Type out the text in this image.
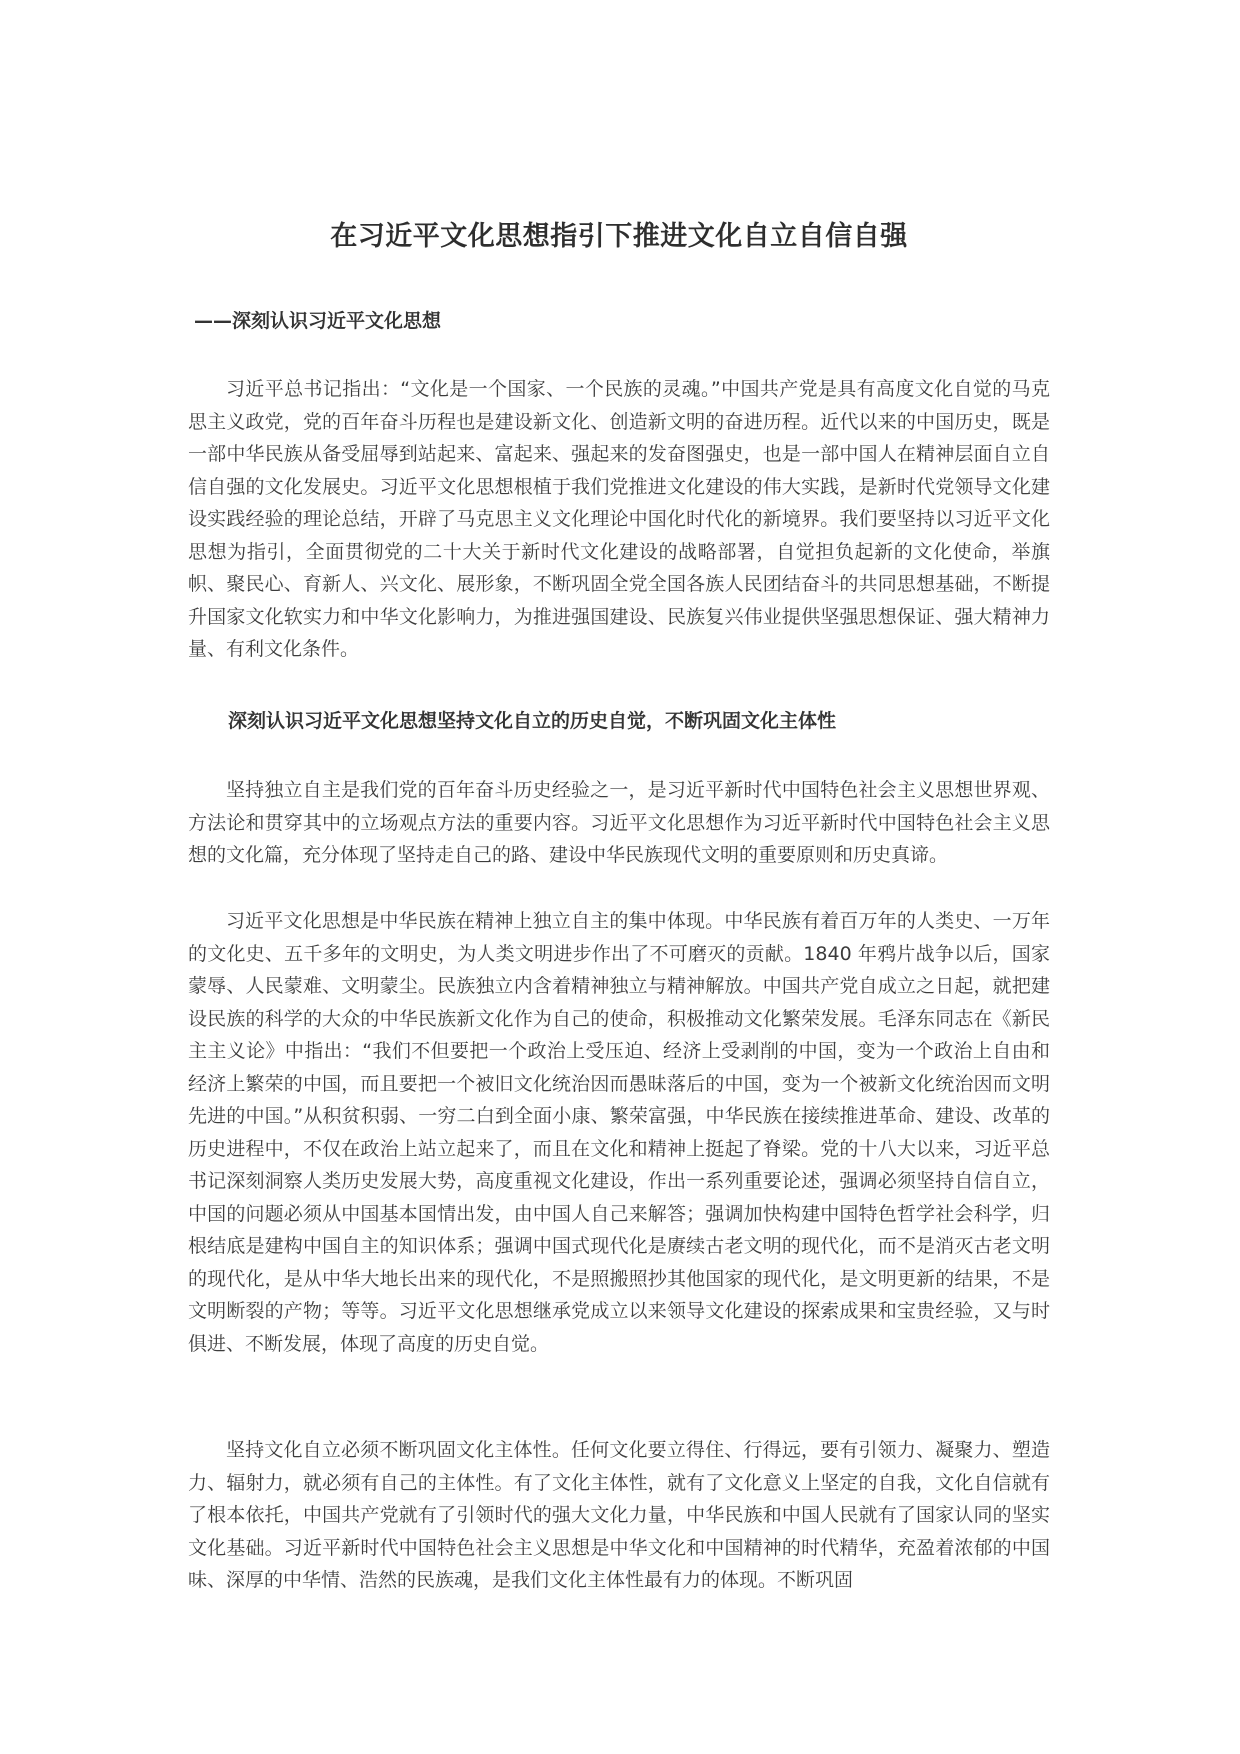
在习近平文化思想指引下推进文化自立自信自强

——深刻认识习近平文化思想

习近平总书记指出：“文化是一个国家、一个民族的灵魂。”中国共产党是具有高度文化自觉的马克思主义政党，党的百年奋斗历程也是建设新文化、创造新文明的奋进历程。近代以来的中国历史，既是一部中华民族从备受屈辱到站起来、富起来、强起来的发奋图强史，也是一部中国人在精神层面自立自信自强的文化发展史。习近平文化思想根植于我们党推进文化建设的伟大实践，是新时代党领导文化建设实践经验的理论总结，开辟了马克思主义文化理论中国化时代化的新境界。我们要坚持以习近平文化思想为指引，全面贯彻党的二十大关于新时代文化建设的战略部署，自觉担负起新的文化使命，举旗帜、聚民心、育新人、兴文化、展形象，不断巩固全党全国各族人民团结奋斗的共同思想基础，不断提升国家文化软实力和中华文化影响力，为推进强国建设、民族复兴伟业提供坚强思想保证、强大精神力量、有利文化条件。

深刻认识习近平文化思想坚持文化自立的历史自觉，不断巩固文化主体性

坚持独立自主是我们党的百年奋斗历史经验之一，是习近平新时代中国特色社会主义思想世界观、方法论和贯穿其中的立场观点方法的重要内容。习近平文化思想作为习近平新时代中国特色社会主义思想的文化篇，充分体现了坚持走自己的路、建设中华民族现代文明的重要原则和历史真谛。

习近平文化思想是中华民族在精神上独立自主的集中体现。中华民族有着百万年的人类史、一万年的文化史、五千多年的文明史，为人类文明进步作出了不可磨灭的贡献。1840 年鸦片战争以后，国家蒙辱、人民蒙难、文明蒙尘。民族独立内含着精神独立与精神解放。中国共产党自成立之日起，就把建设民族的科学的大众的中华民族新文化作为自己的使命，积极推动文化繁荣发展。毛泽东同志在《新民主主义论》中指出：“我们不但要把一个政治上受压迫、经济上受剥削的中国，变为一个政治上自由和经济上繁荣的中国，而且要把一个被旧文化统治因而愚昧落后的中国，变为一个被新文化统治因而文明先进的中国。”从积贫积弱、一穷二白到全面小康、繁荣富强，中华民族在接续推进革命、建设、改革的历史进程中，不仅在政治上站立起来了，而且在文化和精神上挺起了脊梁。党的十八大以来，习近平总书记深刻洞察人类历史发展大势，高度重视文化建设，作出一系列重要论述，强调必须坚持自信自立，中国的问题必须从中国基本国情出发，由中国人自己来解答；强调加快构建中国特色哲学社会科学，归根结底是建构中国自主的知识体系；强调中国式现代化是赓续古老文明的现代化，而不是消灭古老文明的现代化，是从中华大地长出来的现代化，不是照搬照抄其他国家的现代化，是文明更新的结果，不是文明断裂的产物；等等。习近平文化思想继承党成立以来领导文化建设的探索成果和宝贵经验，又与时俱进、不断发展，体现了高度的历史自觉。

坚持文化自立必须不断巩固文化主体性。任何文化要立得住、行得远，要有引领力、凝聚力、塑造力、辐射力，就必须有自己的主体性。有了文化主体性，就有了文化意义上坚定的自我，文化自信就有了根本依托，中国共产党就有了引领时代的强大文化力量，中华民族和中国人民就有了国家认同的坚实文化基础。习近平新时代中国特色社会主义思想是中华文化和中国精神的时代精华，充盈着浓郁的中国味、深厚的中华情、浩然的民族魂，是我们文化主体性最有力的体现。不断巩固
